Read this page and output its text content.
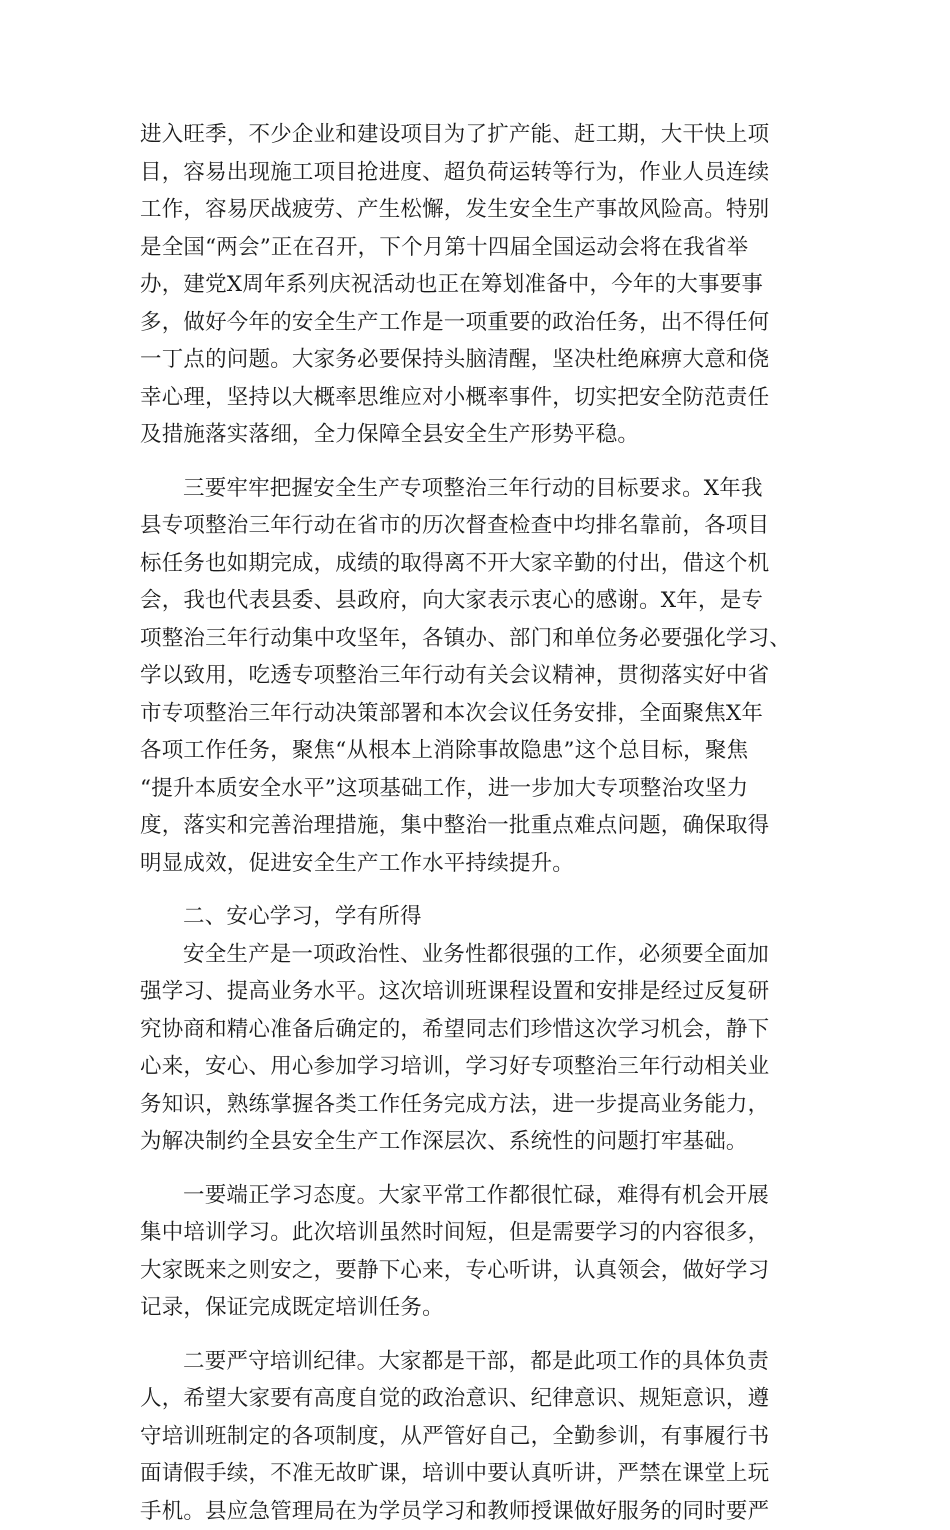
进入旺季，不少企业和建设项目为了扩产能、赶工期，大干快上项
目，容易出现施工项目抢进度、超负荷运转等行为，作业人员连续
工作，容易厌战疲劳、产生松懈，发生安全生产事故风险高。特别
是全国“两会”正在召开，下个月第十四届全国运动会将在我省举
办，建党X周年系列庆祝活动也正在筹划准备中，今年的大事要事
多，做好今年的安全生产工作是一项重要的政治任务，出不得任何
一丁点的问题。大家务必要保持头脑清醒，坚决杜绝麻痹大意和侥
幸心理，坚持以大概率思维应对小概率事件，切实把安全防范责任
及措施落实落细，全力保障全县安全生产形势平稳。
三要牢牢把握安全生产专项整治三年行动的目标要求。X年我
县专项整治三年行动在省市的历次督查检查中均排名靠前，各项目
标任务也如期完成，成绩的取得离不开大家辛勤的付出，借这个机
会，我也代表县委、县政府，向大家表示衷心的感谢。X年，是专
项整治三年行动集中攻坚年，各镇办、部门和单位务必要强化学习、
学以致用，吃透专项整治三年行动有关会议精神，贯彻落实好中省
市专项整治三年行动决策部署和本次会议任务安排，全面聚焦X年
各项工作任务，聚焦“从根本上消除事故隐患”这个总目标，聚焦
“提升本质安全水平”这项基础工作，进一步加大专项整治攻坚力
度，落实和完善治理措施，集中整治一批重点难点问题，确保取得
明显成效，促进安全生产工作水平持续提升。
二、安心学习，学有所得
安全生产是一项政治性、业务性都很强的工作，必须要全面加
强学习、提高业务水平。这次培训班课程设置和安排是经过反复研
究协商和精心准备后确定的，希望同志们珍惜这次学习机会，静下
心来，安心、用心参加学习培训，学习好专项整治三年行动相关业
务知识，熟练掌握各类工作任务完成方法，进一步提高业务能力，
为解决制约全县安全生产工作深层次、系统性的问题打牢基础。
一要端正学习态度。大家平常工作都很忙碌，难得有机会开展
集中培训学习。此次培训虽然时间短，但是需要学习的内容很多，
大家既来之则安之，要静下心来，专心听讲，认真领会，做好学习
记录，保证完成既定培训任务。
二要严守培训纪律。大家都是干部，都是此项工作的具体负责
人，希望大家要有高度自觉的政治意识、纪律意识、规矩意识，遵
守培训班制定的各项制度，从严管好自己，全勤参训，有事履行书
面请假手续，不准无故旷课，培训中要认真听讲，严禁在课堂上玩
手机。县应急管理局在为学员学习和教师授课做好服务的同时要严
